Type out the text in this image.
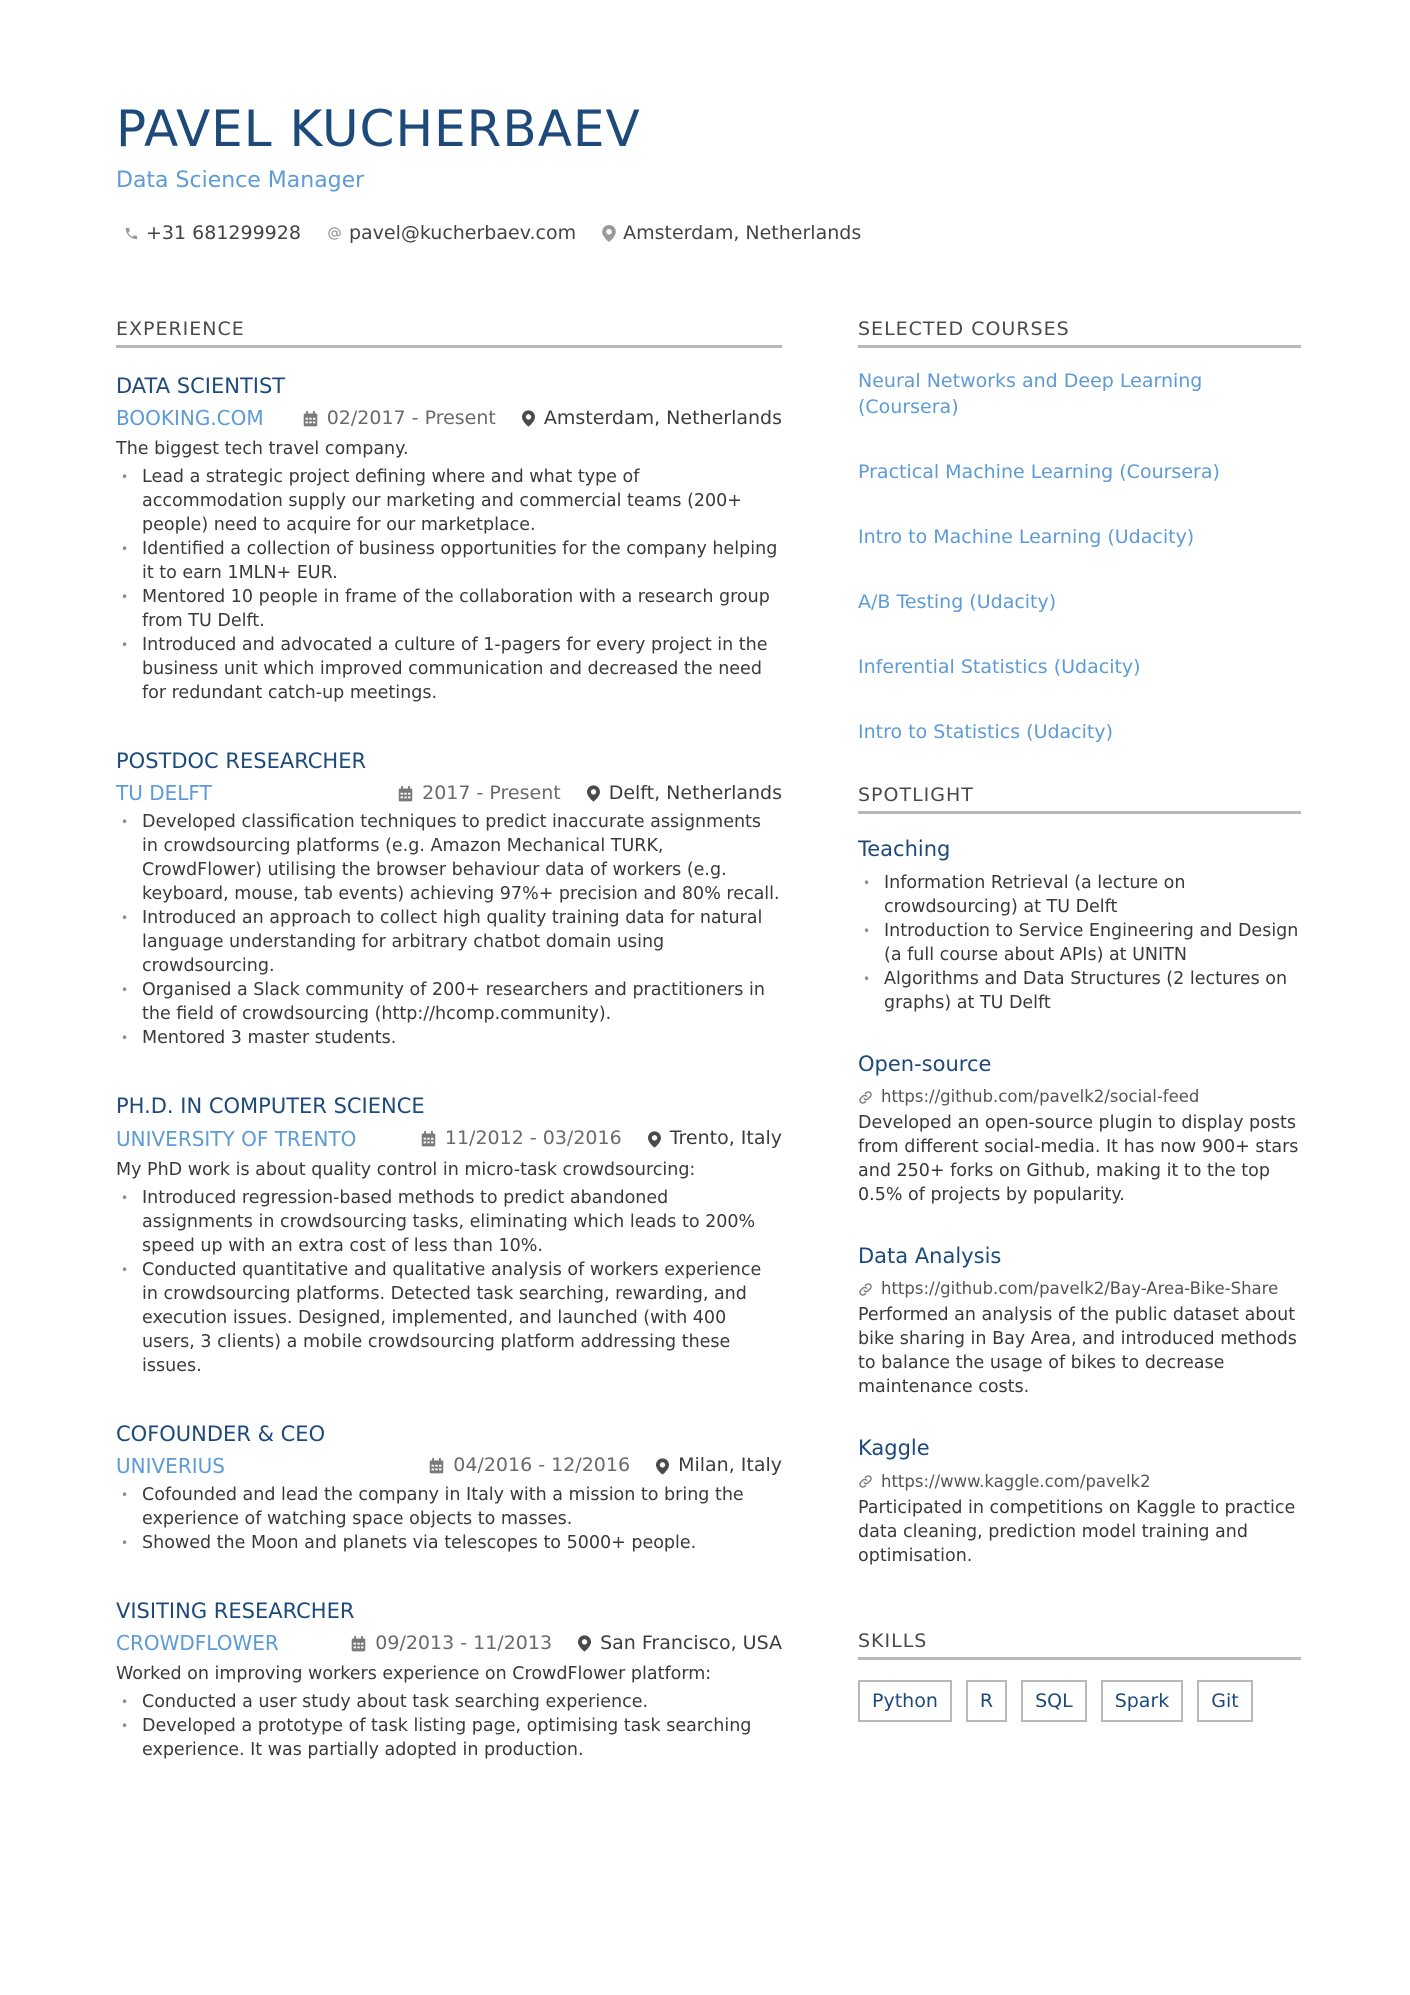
PAVEL KUCHERBAEV
Data Science Manager
+31 681299928	pavel@kucherbaev.com Amsterdam, Netherlands
EXPERIENCE
DATA SCIENTIST
BOOKING.COM	02/2017 - Present	Amsterdam, Netherlands
The biggest tech travel company.
• Lead a strategic project defining where and what type of accommodation supply our marketing and commercial teams (200+ people) need to acquire for our marketplace.
• Identified a collection of business opportunities for the company helping it to earn 1MLN+ EUR.
• Mentored 10 people in frame of the collaboration with a research group from TU Delft.
• Introduced and advocated a culture of 1-pagers for every project in the business unit which improved communication and decreased the need for redundant catch-up meetings.
POSTDOC RESEARCHER
TU DELFT	2017 - Present	Delft, Netherlands
• Developed classification techniques to predict inaccurate assignments in crowdsourcing platforms (e.g. Amazon Mechanical TURK, CrowdFlower) utilising the browser behaviour data of workers (e.g. keyboard, mouse, tab events) achieving 97%+ precision and 80% recall.
• Introduced an approach to collect high quality training data for natural language understanding for arbitrary chatbot domain using crowdsourcing.
• Organised a Slack community of 200+ researchers and practitioners in the field of crowdsourcing (http://hcomp.community).
• Mentored 3 master students.
PH.D. IN COMPUTER SCIENCE
UNIVERSITY OF TRENTO	11/2012 - 03/2016	Trento, Italy
My PhD work is about quality control in micro-task crowdsourcing:
• Introduced regression-based methods to predict abandoned assignments in crowdsourcing tasks, eliminating which leads to 200% speed up with an extra cost of less than 10%.
• Conducted quantitative and qualitative analysis of workers experience in crowdsourcing platforms. Detected task searching, rewarding, and execution issues. Designed, implemented, and launched (with 400 users, 3 clients) a mobile crowdsourcing platform addressing these issues.
COFOUNDER & CEO
UNIVERIUS	04/2016 - 12/2016	Milan, Italy
• Cofounded and lead the company in Italy with a mission to bring the experience of watching space objects to masses.
• Showed the Moon and planets via telescopes to 5000+ people.
VISITING RESEARCHER
CROWDFLOWER	09/2013 - 11/2013	San Francisco, USA
Worked on improving workers experience on CrowdFlower platform:
• Conducted a user study about task searching experience.
• Developed a prototype of task listing page, optimising task searching experience. It was partially adopted in production.
SELECTED COURSES
Neural Networks and Deep Learning (Coursera)
Practical Machine Learning (Coursera)
Intro to Machine Learning (Udacity)
A/B Testing (Udacity)
Inferential Statistics (Udacity)
Intro to Statistics (Udacity)
SPOTLIGHT
Teaching
• Information Retrieval (a lecture on crowdsourcing) at TU Delft
• Introduction to Service Engineering and Design (a full course about APIs) at UNITN
• Algorithms and Data Structures (2 lectures on graphs) at TU Delft
Open-source
https://github.com/pavelk2/social-feed
Developed an open-source plugin to display posts from different social-media. It has now 900+ stars and 250+ forks on Github, making it to the top 0.5% of projects by popularity.
Data Analysis
https://github.com/pavelk2/Bay-Area-Bike-Share
Performed an analysis of the public dataset about bike sharing in Bay Area, and introduced methods to balance the usage of bikes to decrease maintenance costs.
Kaggle
https://www.kaggle.com/pavelk2
Participated in competitions on Kaggle to practice data cleaning, prediction model training and optimisation.
SKILLS
Python	R	SQL	Spark	Git
